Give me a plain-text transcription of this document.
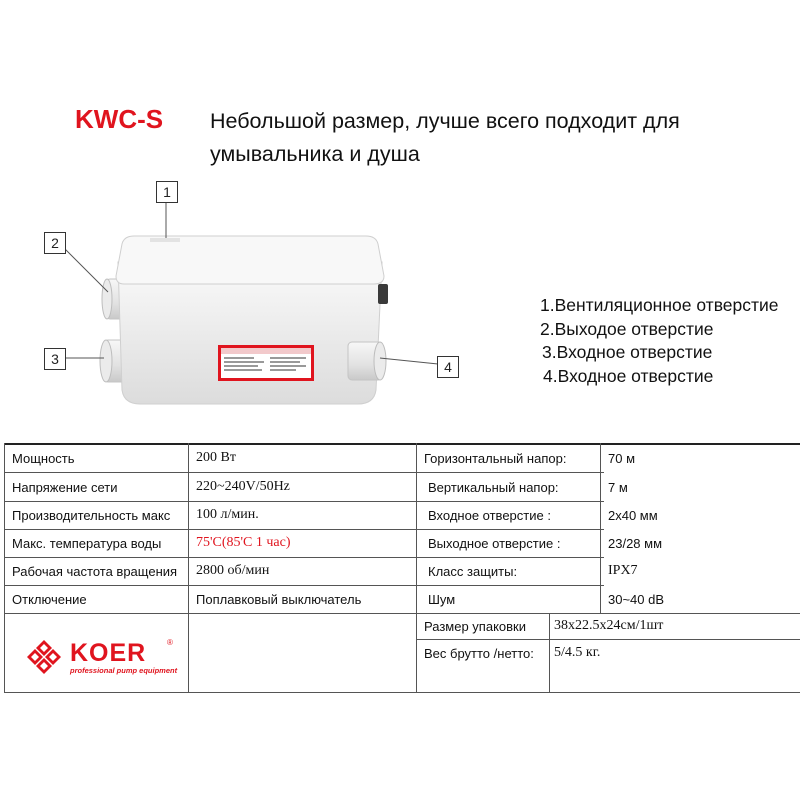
KWC-S Небольшой размер, лучше всего подходит для умывальника и душа
1
2
3	4
1.Вентиляционное отверстие
2.Выходое отверстие
3.Входное отверстие
4.Входное отверстие
Мощность	200 Вт
Напряжение сети	220~240V/50Hz
Производительность макс 100 л/мин.
Макс. температура воды 75'C(85'C 1 час)
Рабочая частота вращения 2800 об/мин
Отключение	Поплавковый выключатель
Горизонтальный напор:	70 м
Вертикальный напор:	7 м
Входное отверстие :	2x40 мм
Выходное отверстие :	23/28 мм
Класс защиты:	IPX7
Шум	30~40 dB
Размер упаковки 38x22.5x24см/1шт
Вес брутто /нетто: 5/4.5 кг.
KOER	®
professional pump equipment
